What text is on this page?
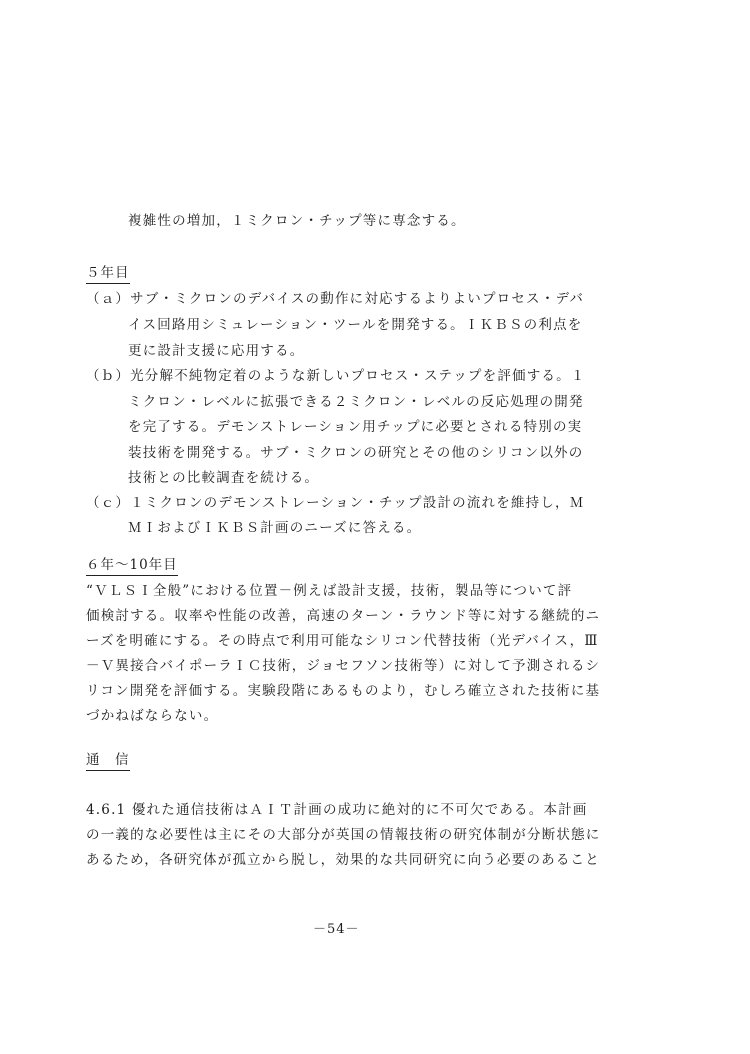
複雑性の増加，１ミクロン・チップ等に専念する。
５年目
（ａ）サブ・ミクロンのデバイスの動作に対応するよりよいプロセス・デバ
イス回路用シミュレーション・ツールを開発する。ＩＫＢＳの利点を
更に設計支援に応用する。
（ｂ）光分解不純物定着のような新しいプロセス・ステップを評価する。１
ミクロン・レベルに拡張できる２ミクロン・レベルの反応処理の開発
を完了する。デモンストレーション用チップに必要とされる特別の実
装技術を開発する。サブ・ミクロンの研究とその他のシリコン以外の
技術との比較調査を続ける。
（ｃ）１ミクロンのデモンストレーション・チップ設計の流れを維持し，Ｍ
ＭＩおよびＩＫＢＳ計画のニーズに答える。
６年〜10年目
“ＶＬＳＩ全般”における位置－例えば設計支援，技術，製品等について評
価検討する。収率や性能の改善，高速のターン・ラウンド等に対する継続的ニ
ーズを明確にする。その時点で利用可能なシリコン代替技術（光デバイス，Ⅲ
－Ｖ異接合バイポーラＩＣ技術，ジョセフソン技術等）に対して予測されるシ
リコン開発を評価する。実験段階にあるものより，むしろ確立された技術に基
づかねばならない。
通　信
4.6.1 優れた通信技術はＡＩＴ計画の成功に絶対的に不可欠である。本計画
の一義的な必要性は主にその大部分が英国の情報技術の研究体制が分断状態に
あるため，各研究体が孤立から脱し，効果的な共同研究に向う必要のあること
－54－
